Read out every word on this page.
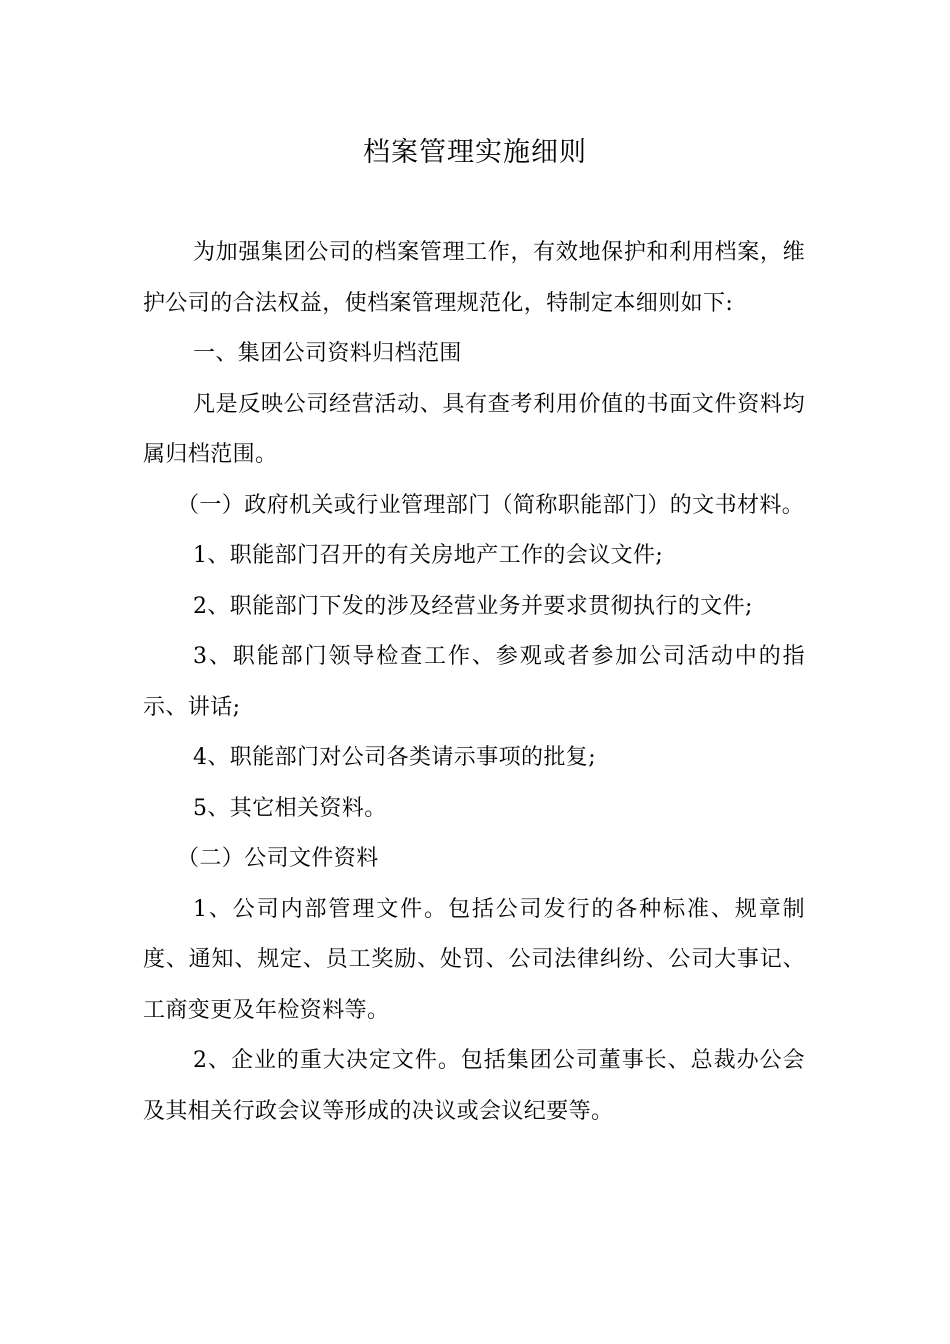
档案管理实施细则

为加强集团公司的档案管理工作，有效地保护和利用档案，维护公司的合法权益，使档案管理规范化，特制定本细则如下:

一、集团公司资料归档范围

凡是反映公司经营活动、具有查考利用价值的书面文件资料均属归档范围。

（一）政府机关或行业管理部门（简称职能部门）的文书材料。

1、职能部门召开的有关房地产工作的会议文件;

2、职能部门下发的涉及经营业务并要求贯彻执行的文件;

3、职能部门领导检查工作、参观或者参加公司活动中的指示、讲话;

4、职能部门对公司各类请示事项的批复;

5、其它相关资料。

（二）公司文件资料

1、公司内部管理文件。包括公司发行的各种标准、规章制度、通知、规定、员工奖励、处罚、公司法律纠纷、公司大事记、工商变更及年检资料等。

2、企业的重大决定文件。包括集团公司董事长、总裁办公会及其相关行政会议等形成的决议或会议纪要等。
